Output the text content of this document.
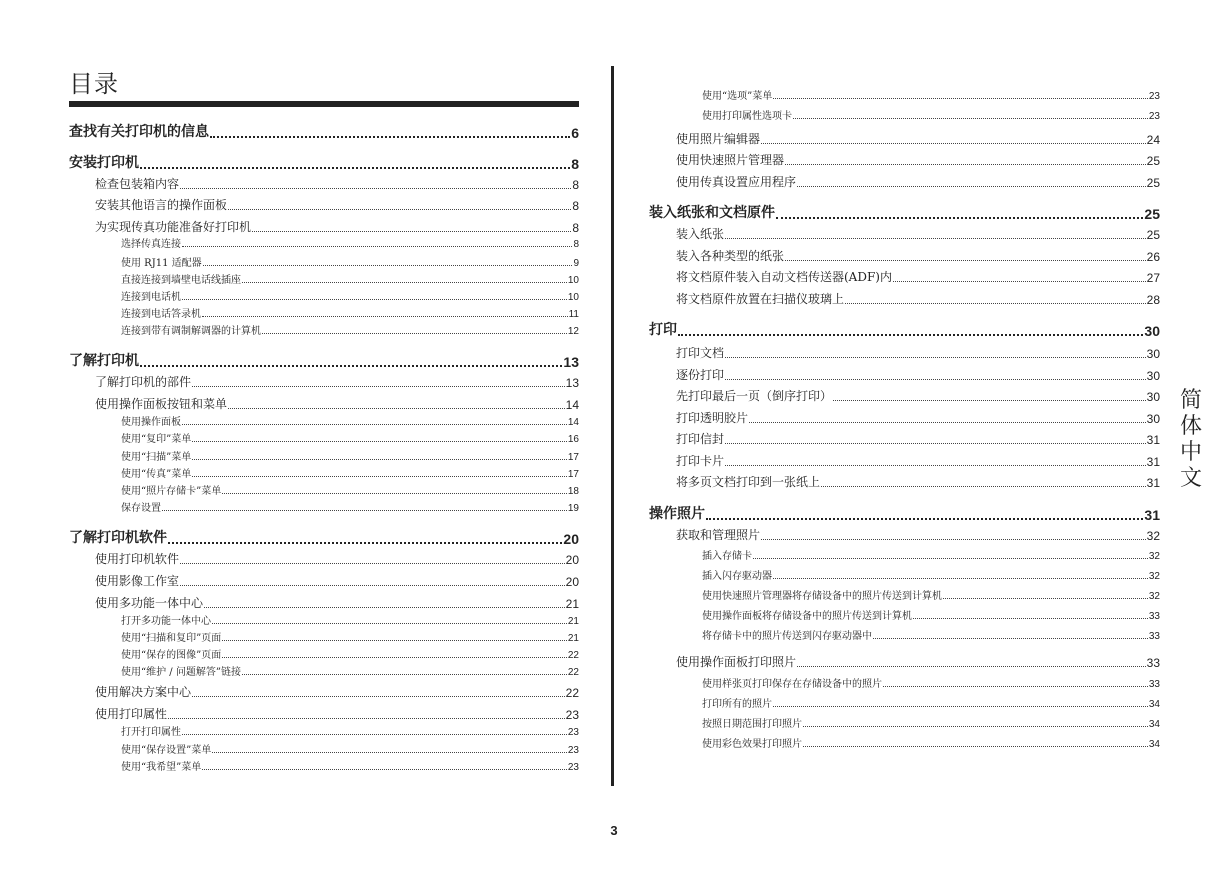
目录
简体中文
3
查找有关打印机的信息	6
安装打印机	8
检查包装箱内容	8
安装其他语言的操作面板	8
为实现传真功能准备好打印机	8
选择传真连接	8
使用 RJ11 适配器	9
直接连接到墙壁电话线插座	10
连接到电话机	10
连接到电话答录机	11
连接到带有调制解调器的计算机	12
了解打印机	13
了解打印机的部件	13
使用操作面板按钮和菜单	14
使用操作面板	14
使用“复印”菜单	16
使用“扫描”菜单	17
使用“传真”菜单	17
使用“照片存储卡”菜单	18
保存设置	19
了解打印机软件	20
使用打印机软件	20
使用影像工作室	20
使用多功能一体中心	21
打开多功能一体中心	21
使用“扫描和复印”页面	21
使用“保存的图像”页面	22
使用“维护 / 问题解答”链接	22
使用解决方案中心	22
使用打印属性	23
打开打印属性	23
使用“保存设置”菜单	23
使用“我希望”菜单	23
使用“选项”菜单	23
使用打印属性选项卡	23
使用照片编辑器	24
使用快速照片管理器	25
使用传真设置应用程序	25
装入纸张和文档原件	25
装入纸张	25
装入各种类型的纸张	26
将文档原件装入自动文档传送器(ADF)内	27
将文档原件放置在扫描仪玻璃上	28
打印	30
打印文档	30
逐份打印	30
先打印最后一页（倒序打印）	30
打印透明胶片	30
打印信封	31
打印卡片	31
将多页文档打印到一张纸上	31
操作照片	31
获取和管理照片	32
插入存储卡	32
插入闪存驱动器	32
使用快速照片管理器将存储设备中的照片传送到计算机	32
使用操作面板将存储设备中的照片传送到计算机	33
将存储卡中的照片传送到闪存驱动器中	33
使用操作面板打印照片	33
使用样张页打印保存在存储设备中的照片	33
打印所有的照片	34
按照日期范围打印照片	34
使用彩色效果打印照片	34
